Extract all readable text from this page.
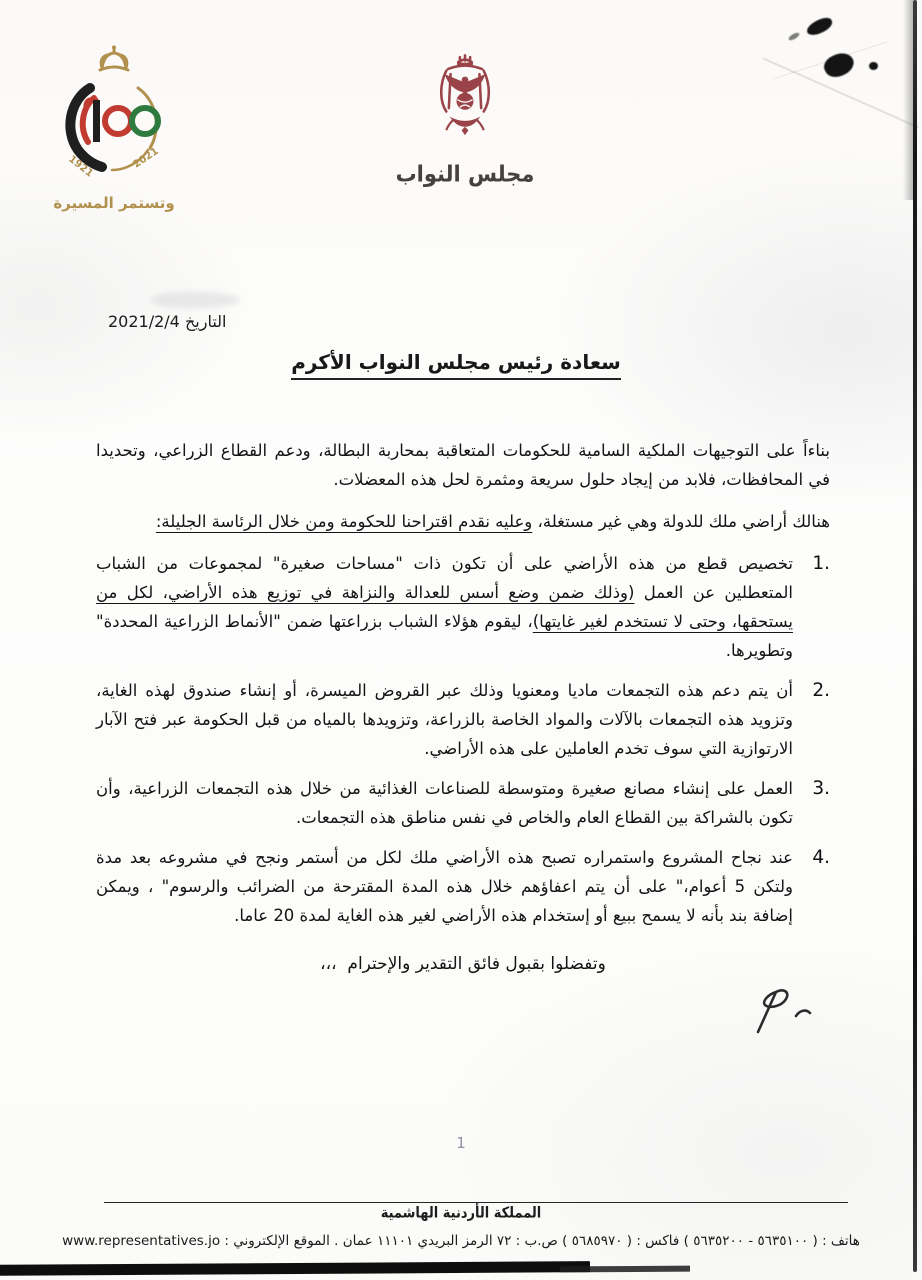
1921	2021
وتستمر المسيرة
مجلس النواب
التاريخ 2021/2/4
سعادة رئيس مجلس النواب الأكرم

بناءاً على التوجيهات الملكية السامية للحكومات المتعاقبة بمحاربة البطالة، ودعم القطاع الزراعي، وتحديدا في المحافظات، فلابد من إيجاد حلول سريعة ومثمرة لحل هذه المعضلات.

هنالك أراضي ملك للدولة وهي غير مستغلة، وعليه نقدم اقتراحنا للحكومة ومن خلال الرئاسة الجليلة:

1.
تخصيص قطع من هذه الأراضي على أن تكون ذات "مساحات صغيرة" لمجموعات من الشباب المتعطلين عن العمل (وذلك ضمن وضع أسس للعدالة والنزاهة في توزيع هذه الأراضي، لكل من يستحقها، وحتى لا تستخدم لغير غايتها)، ليقوم هؤلاء الشباب بزراعتها ضمن "الأنماط الزراعية المحددة" وتطويرها.
2.
أن يتم دعم هذه التجمعات ماديا ومعنويا وذلك عبر القروض الميسرة، أو إنشاء صندوق لهذه الغاية، وتزويد هذه التجمعات بالآلات والمواد الخاصة بالزراعة، وتزويدها بالمياه من قبل الحكومة عبر فتح الآبار الارتوازية التي سوف تخدم العاملين على هذه الأراضي.
3.
العمل على إنشاء مصانع صغيرة ومتوسطة للصناعات الغذائية من خلال هذه التجمعات الزراعية، وأن تكون بالشراكة بين القطاع العام والخاص في نفس مناطق هذه التجمعات.
4.
عند نجاح المشروع واستمراره تصبح هذه الأراضي ملك لكل من أستمر ونجح في مشروعه بعد مدة ولتكن 5 أعوام،" على أن يتم اعفاؤهم خلال هذه المدة المقترحة من الضرائب والرسوم" ، ويمكن إضافة بند بأنه لا يسمح ببيع أو إستخدام هذه الأراضي لغير هذه الغاية لمدة 20 عاما.
وتفضلوا بقبول فائق التقدير والإحترام  ،،،
1
المملكة الأردنية الهاشمية
هاتف : ( ٥٦٣٥١٠٠ - ٥٦٣٥٢٠٠ ) فاكس : ( ٥٦٨٥٩٧٠ ) ص.ب : ٧٢ الرمز البريدي ١١١٠١ عمان . الموقع الإلكتروني : www.representatives.jo
